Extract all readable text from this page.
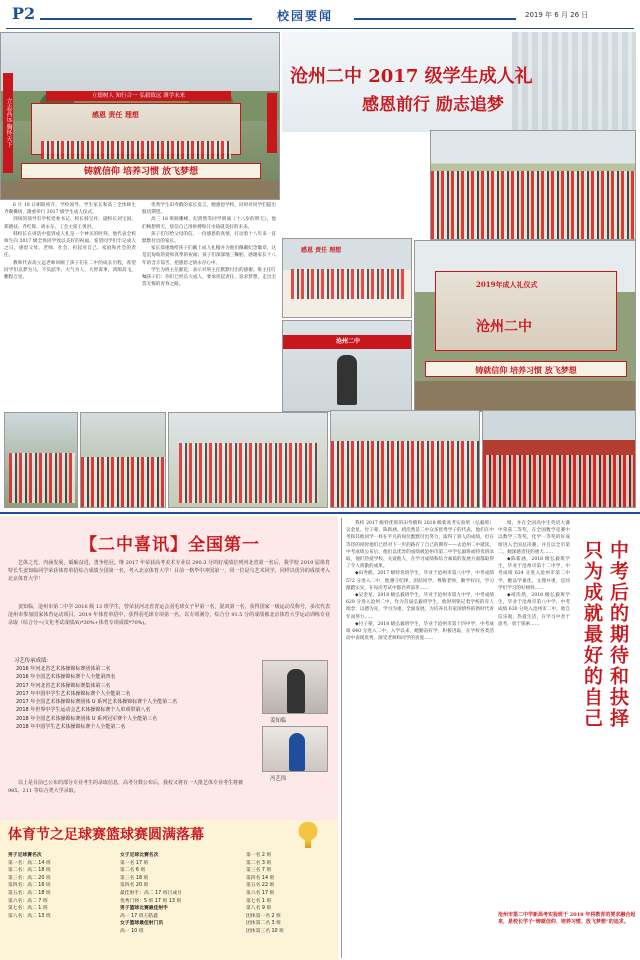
P2	校园要闻	2019 年 6 月 26 日
立德树人 知行合一 弘毅致远 薄学未来
感恩 责任 理想
铸就信仰 培养习惯 放飞梦想
立志高远 胸怀天下
沧州二中 2017 级学生成人礼
感恩前行 励志追梦

6 月 18 日朝阳初升，学校领导、学生家长和高三全体师生齐聚操场，隆重举行 2017 级学生成人仪式。

到场的领导有学校党委书记、校长韩宝祥，副校长刘宝国、郑德扶、乔红辉、胡永东，工会主席王勇洪。

韩校长在讲话中提到成人礼是一个神圣的时刻，他代表全校师生向 2017 级全体同学致以美好的祝福。希望同学们牢记成人之日，感恩父母、老师、社会，担起对自己、家庭和社会的责任。

教师代表高立远老师回顾了孩子们在二中的成长历程，希望同学们以梦为马，不负韶华，大气为人，大智谋事，鸿鹄高飞，鹏程万里。

优秀学生田寿鹤的家长发言，她感恩学校，同时对同学们提出殷切期望。

高三 18 班路雕峰、纪鸿然等同学朗诵《十八岁的明天》，他们畅想明天，惩信自己用拼搏和汗水铸就美好的未来。

孩子们写给父母的信、一份感恩的真情，打动着十八年来一直默默付出的家长。

家长郑重地给孩子们戴上成人礼帽并为他们佩戴纪念徽章，这是沉甸甸的爱和真挚的祝福；孩子们深深地三鞠躬，感谢家长十八年的含辛茹苦，把感恩之情永存心中。

学生为班主任献花，表示对班主任默默付出的感谢。班主任叮嘱孩子们：你们已经长大成人，要承担起责任，追求梦想，走出无怨无悔的青春之路。

感恩 责任 理想
沧州二中
2019年成人礼仪式
沧州二中
铸就信仰 培养习惯 放飞梦想
【二中喜讯】全国第一
艺体之光，内涵发展，砥砺奋进，勇争桂冠。继 2017 年荣获高考美术专业以 290.3 分的好成绩位列河北省第一名后，我学校 2019 届体育特长生姜知临同学荣获体育单招综合成绩全国第一名，考入北京体育大学！目前一格毕中冲国第一，同一位是乌艺术同学，同样以优异的成绩考入北京体育大学！
姜知临，沧州市第二中学 2016 级 13 班学生，曾荣获河北省青运会羽毛球女子甲第一名，混双第一名，获得国家一级运动员称号，多次代表沧州市参加国家体育运动项目，2019 年体育单招中，获得羽毛球专项第一名，以专项满分，综合分 91.5 分的成绩被北京体育大学运动训练专业录取（综合分=(文化考试成绩/6)*30%+体育专项成绩*70%)。
习艺传承成绩：
2016 年河北省艺术体操锦标赛团体第二名
2016 年全国艺术体操锦标赛个人全能第四名
2017 年河北省艺术体操锦标赛集体第三名
2017 年中国中学生艺术体操锦标赛个人全能第二名
2017 年全国艺术体操锦标赛团体 U 系列艺术体操锦标赛个人全能第二名
2018 年世界中学生运动会艺术体操锦标赛个人单项带第八名
2018 年全国艺术体操锦标赛团体 U 系列冠军赛个人全能第三名
2018 年中国学生艺术体操锦标赛个人全能第二名
以上是目前已公布的部分专业考生的录取信息，高考分数公布后，我校又将有一大批艺体专业考生将被 985、211 等综合类大学录取。
姜知临
冯艺伟
体育节之足球赛篮球赛圆满落幕
男子足球赛名次
第一名：高二 14 班
第二名：高二 18 班
第三名：高二 20 班
第四名：高二 16 班
第五名：高二 18 班
第六名：高二 7 班
第七名：高二 1 班
第八名：高二 13 班
女子足球比赛名次
第一名 17 班
第二名 6 班
第三名 18 班
第四名 20 班
最佳射手：高二 17 班吕成月
优秀门将：5 班 17 班 13 班
男子篮球比赛最佳射手
高一 17 班王皓鑫
女子篮球最佳射门员
高一 10 班
第一名 2 班
第二名 3 班
第三名 7 班
第四名 14 班
第五名 22 班
第六名 17 班
第七名 1 班
第八名 9 班
团体第一名 2 班
团体第二名 3 班
团体第三名 10 班

我校 2017 级特优班的田寿鹤和 2018 级新高考实验班（弘毅班）吴金星、付子蒙、陈新涵、靖浩然是二中众多优秀学子的代表，他们在中考和其他同学一样在平凡的岗位默默付出努力，取得了骄人的成绩，但在等待的同时他们已经对下一步的路有了自己的期待——去沧州二中就读。中考成绩公布后，他们以优异的成绩被沧州市第二中学弘毅班或特优班录取，他们热爱学校、关爱他人，在学习成绩和综合素质的发展方面都取得了令人骄傲的成果。

◆田寿鹤，2017 级特优班学生，毕业于沧州市第八中学，中考成绩 572 分进入二中，他遵守纪律，团结同学，尊敬老师，勤学好问，学习踏踏实实，在每次考试中都名列前茅……

◆吴金星，2018 级弘毅班学生，毕业于沧州市第九中学，中考成绩 629 分进入沧州二中，作为首届弘毅班学生，他时刻铭记着学校的育人理念：以德为先，学习为重，全面发展，为培养具有家国情怀的新时代青年而努力……

◆付子蒙，2018 级弘毅班学生，毕业于沧州市第十四中学，中考成绩 640 分进入二中。入学以来，她勤奋好学，积极进取，在学校各类活动中表现优秀，深受老师和同学的喜爱……

绩，并在全国高中生英语大赛中荣获二等奖，在全国数学竞赛中以数学三等奖，化学一等奖的好成绩进入全国总决赛，并且以全市第二，她深感责任的重大……

◆陈新涵，2018 级弘毅班学生，毕业于沧州市第十二中学，中考成绩 624 分进入沧州市第二中学，她品学兼优，文理并重，是同学们学习的好榜样……

◆靖浩然，2018 级弘毅班学生，毕业于沧州市第八中学，中考成绩 630 分进入沧州市二中。他自信乐观，热爱生活，在学习中善于思考，勇于探索……	中考后的期待和抉择
只为成就最好的自己
沧州市第二中学新高考实验班于 2018 年将教育的要求融合起来，是校长学子“铸就信仰、培养习惯、放飞梦想”的追求。
